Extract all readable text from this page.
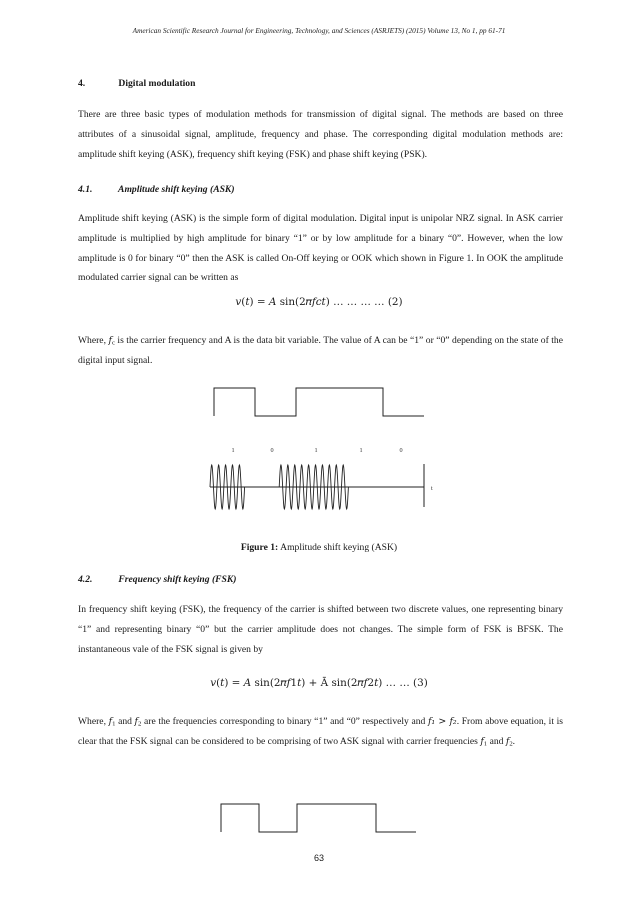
American Scientific Research Journal for Engineering, Technology, and Sciences (ASRJETS) (2015) Volume 13, No 1, pp 61-71
4.	Digital modulation
There are three basic types of modulation methods for transmission of digital signal. The methods are based on three attributes of a sinusoidal signal, amplitude, frequency and phase. The corresponding digital modulation methods are: amplitude shift keying (ASK), frequency shift keying (FSK) and phase shift keying (PSK).
4.1.	Amplitude shift keying (ASK)
Amplitude shift keying (ASK) is the simple form of digital modulation. Digital input is unipolar NRZ signal. In ASK carrier amplitude is multiplied by high amplitude for binary “1” or by low amplitude for a binary “0”. However, when the low amplitude is 0 for binary “0” then the ASK is called On-Off keying or OOK which shown in Figure 1. In OOK the amplitude modulated carrier signal can be written as
𝑣(𝑡) = 𝐴 sin(2𝜋𝑓𝑐𝑡) … … … … (2)
Where, $f_c$ is the carrier frequency and A is the data bit variable. The value of A can be “1” or “0” depending on the state of the digital input signal.
1	0	1	1	0
t
Figure 1: Amplitude shift keying (ASK)
4.2.	Frequency shift keying (FSK)
In frequency shift keying (FSK), the frequency of the carrier is shifted between two discrete values, one representing binary “1” and representing binary “0” but the carrier amplitude does not changes. The simple form of FSK is BFSK. The instantaneous vale of the FSK signal is given by
𝑣(𝑡) = 𝐴 sin(2𝜋𝑓1𝑡) + Ā sin(2𝜋𝑓2𝑡) … … (3)
Where, $f_1$ and $f_2$ are the frequencies corresponding to binary “1” and “0” respectively and f₁ > f₂. From above equation, it is clear that the FSK signal can be considered to be comprising of two ASK signal with carrier frequencies $f_1$ and $f_2$.
63
